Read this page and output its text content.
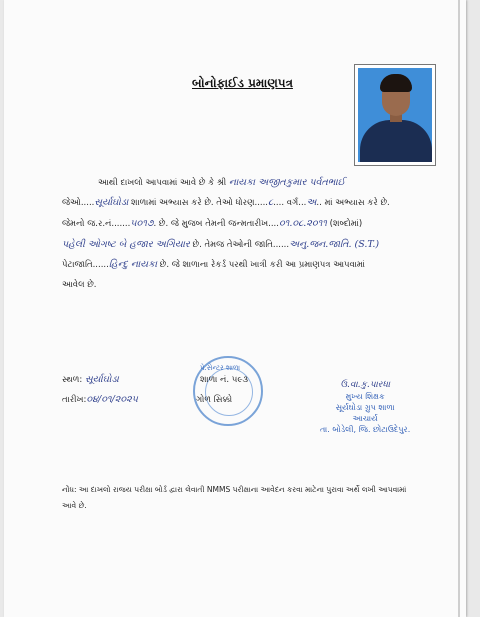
બોનોફાઈડ પ્રમાણપત્ર
આથી દાખલો આપવામાં આવે છે કે શ્રી નાયકા અજીતકુમાર પર્વતભાઈ
જેઓ.....સૂર્યાઘોડા શાળામાં અભ્યાસ કરે છે. તેઓ ધોરણ.....૮.... વર્ગ...અ.. માં અભ્યાસ કરે છે.
જેમનો જ.ર.નં.......૫૦૧૭. છે. જે મુજબ તેમની જન્મતારીખ....૦૧.૦૮.૨૦૧૧ (શબ્દોમાં)
પહેલી ઓગષ્ટ બે હજાર અગિયાર છે. તેમજ તેઓની જાતિ......અનુ.જન.જાતિ. (S.T.)
પેટાજાતિ......હિન્દુ નાયકા છે. જે શાળાના રેકર્ડ પરથી ખાત્રી કરી આ પ્રમાણપત્ર આપવામાં
આવેલ છે.
સ્થળ: સૂર્યાઘોડા
તારીખ:૦૪/૦૧/૨૦૨૫
પે.સેન્ટર શાળા
શાળા નં. ૫૯૩
ગોળ સિક્કો
ઉ.વા.કુ.પારધા
મુખ્ય શિક્ષક
સૂર્યઘોડા ગ્રુપ શાળા
આચાર્ય
તા. બોડેલી, જિ. છોટાઉદેપુર.
નોંધ: આ દાખલો રાજય પરીક્ષા બોર્ડ દ્વારા લેવાતી NMMS પરીક્ષાના આવેદન કરવા માટેના પુરાવા અર્થે લખી આપવામાં આવે છે.
